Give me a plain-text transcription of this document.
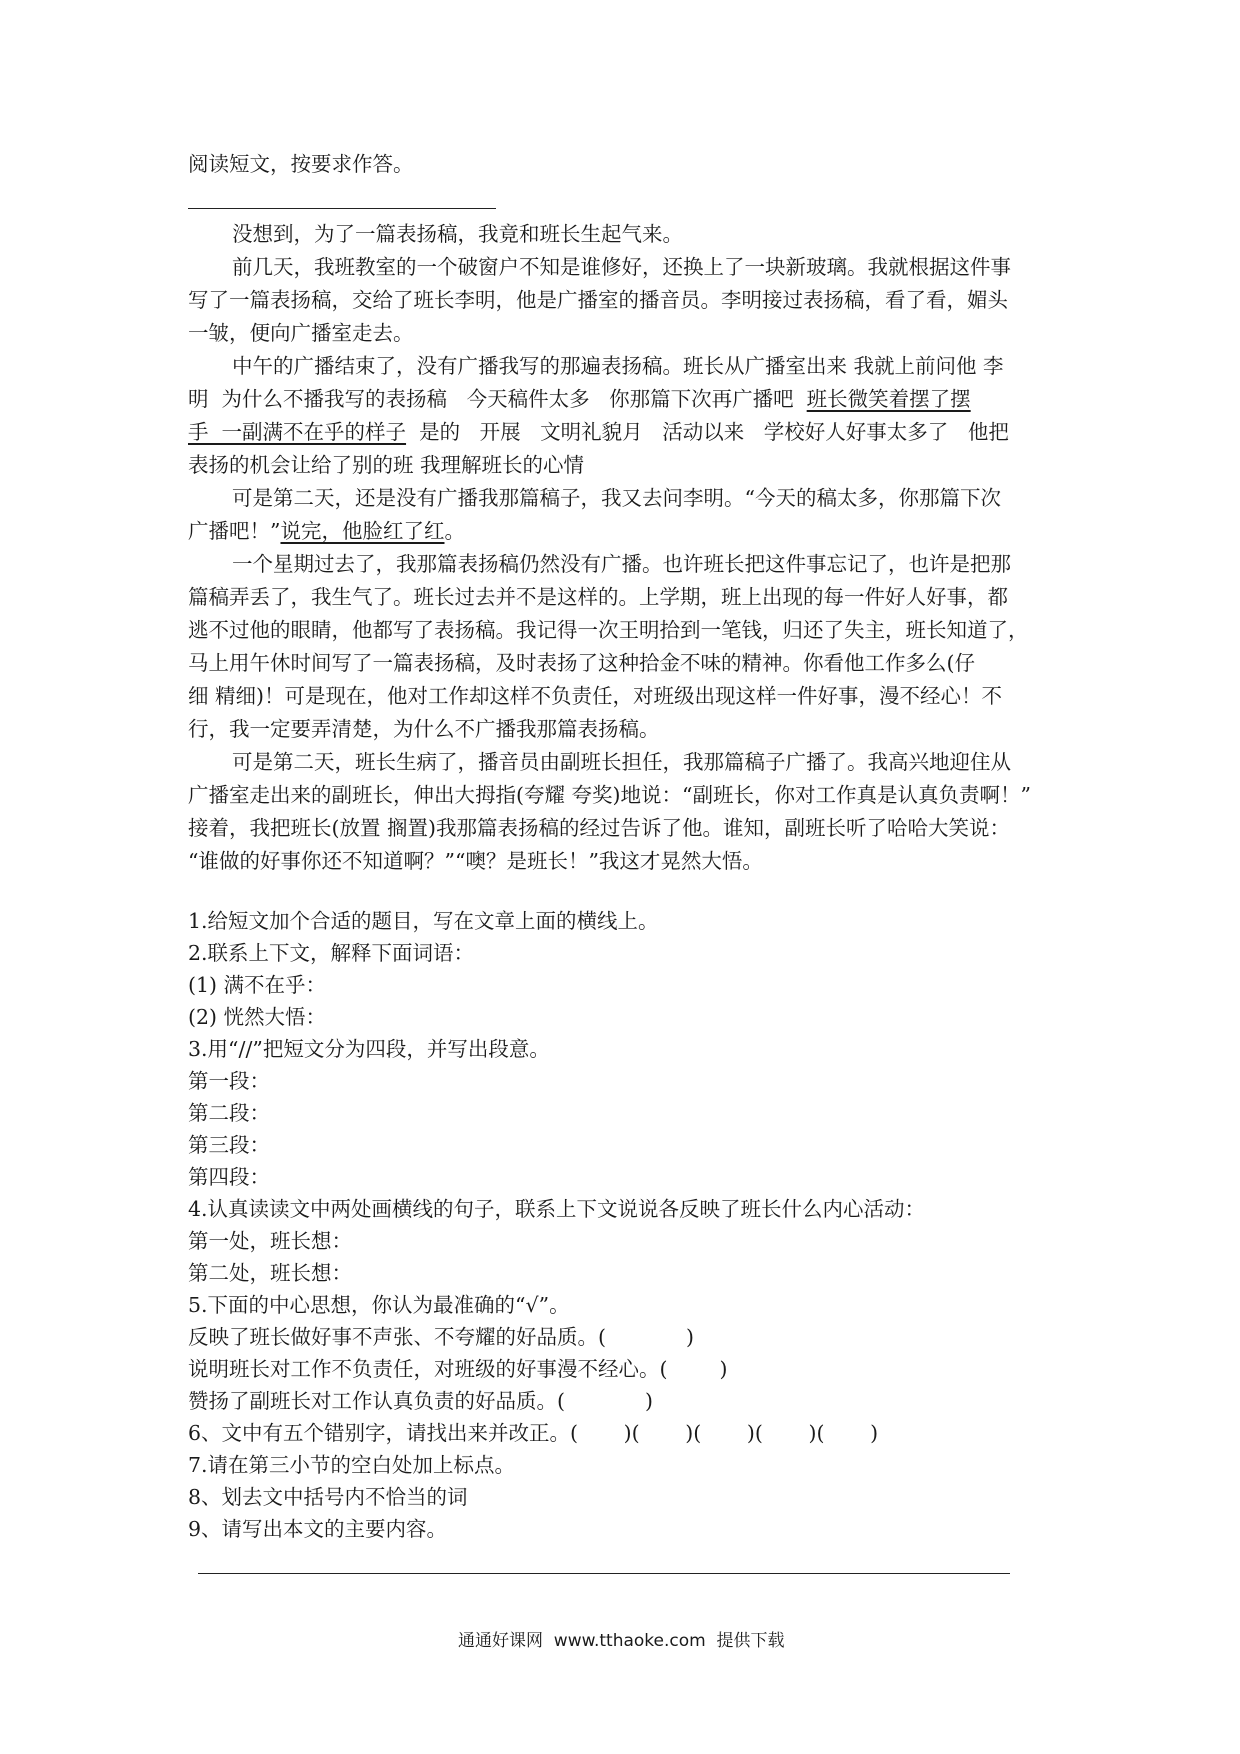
阅读短文，按要求作答。
没想到，为了一篇表扬稿，我竟和班长生起气来。
前几天，我班教室的一个破窗户不知是谁修好，还换上了一块新玻璃。我就根据这件事
写了一篇表扬稿，交给了班长李明，他是广播室的播音员。李明接过表扬稿，看了看，媚头
一皱，便向广播室走去。
中午的广播结束了，没有广播我写的那遍表扬稿。班长从广播室出来 我就上前问他 李
明  为什么不播我写的表扬稿   今天稿件太多   你那篇下次再广播吧  班长微笑着摆了摆
手  一副满不在乎的样子  是的   开展   文明礼貌月   活动以来   学校好人好事太多了   他把
表扬的机会让给了别的班 我理解班长的心情
可是第二天，还是没有广播我那篇稿子，我又去问李明。“今天的稿太多，你那篇下次
广播吧！”说完，他脸红了红。
一个星期过去了，我那篇表扬稿仍然没有广播。也许班长把这件事忘记了，也许是把那
篇稿弄丢了，我生气了。班长过去并不是这样的。上学期，班上出现的每一件好人好事，都
逃不过他的眼睛，他都写了表扬稿。我记得一次王明拾到一笔钱，归还了失主，班长知道了，
马上用午休时间写了一篇表扬稿，及时表扬了这种拾金不味的精神。你看他工作多么(仔
细 精细)！可是现在，他对工作却这样不负责任，对班级出现这样一件好事，漫不经心！不
行，我一定要弄清楚，为什么不广播我那篇表扬稿。
可是第二天，班长生病了，播音员由副班长担任，我那篇稿子广播了。我高兴地迎住从
广播室走出来的副班长，伸出大拇指(夸耀 夸奖)地说：“副班长，你对工作真是认真负责啊！”
接着，我把班长(放置 搁置)我那篇表扬稿的经过告诉了他。谁知，副班长听了哈哈大笑说：
“谁做的好事你还不知道啊？”“噢？是班长！”我这才晃然大悟。
1.给短文加个合适的题目，写在文章上面的横线上。
2.联系上下文，解释下面词语：
(1) 满不在乎：
(2) 恍然大悟：
3.用“//”把短文分为四段，并写出段意。
第一段：
第二段：
第三段：
第四段：
4.认真读读文中两处画横线的句子，联系上下文说说各反映了班长什么内心活动：
第一处，班长想：
第二处，班长想：
5.下面的中心思想，你认为最准确的“√”。
反映了班长做好事不声张、不夸耀的好品质。(	)
说明班长对工作不负责任，对班级的好事漫不经心。(	)
赞扬了副班长对工作认真负责的好品质。(	)
6、文中有五个错别字，请找出来并改正。(       )(       )(       )(       )(       )
7.请在第三小节的空白处加上标点。
8、划去文中括号内不恰当的词
9、请写出本文的主要内容。
通通好课网  www.tthaoke.com  提供下载
